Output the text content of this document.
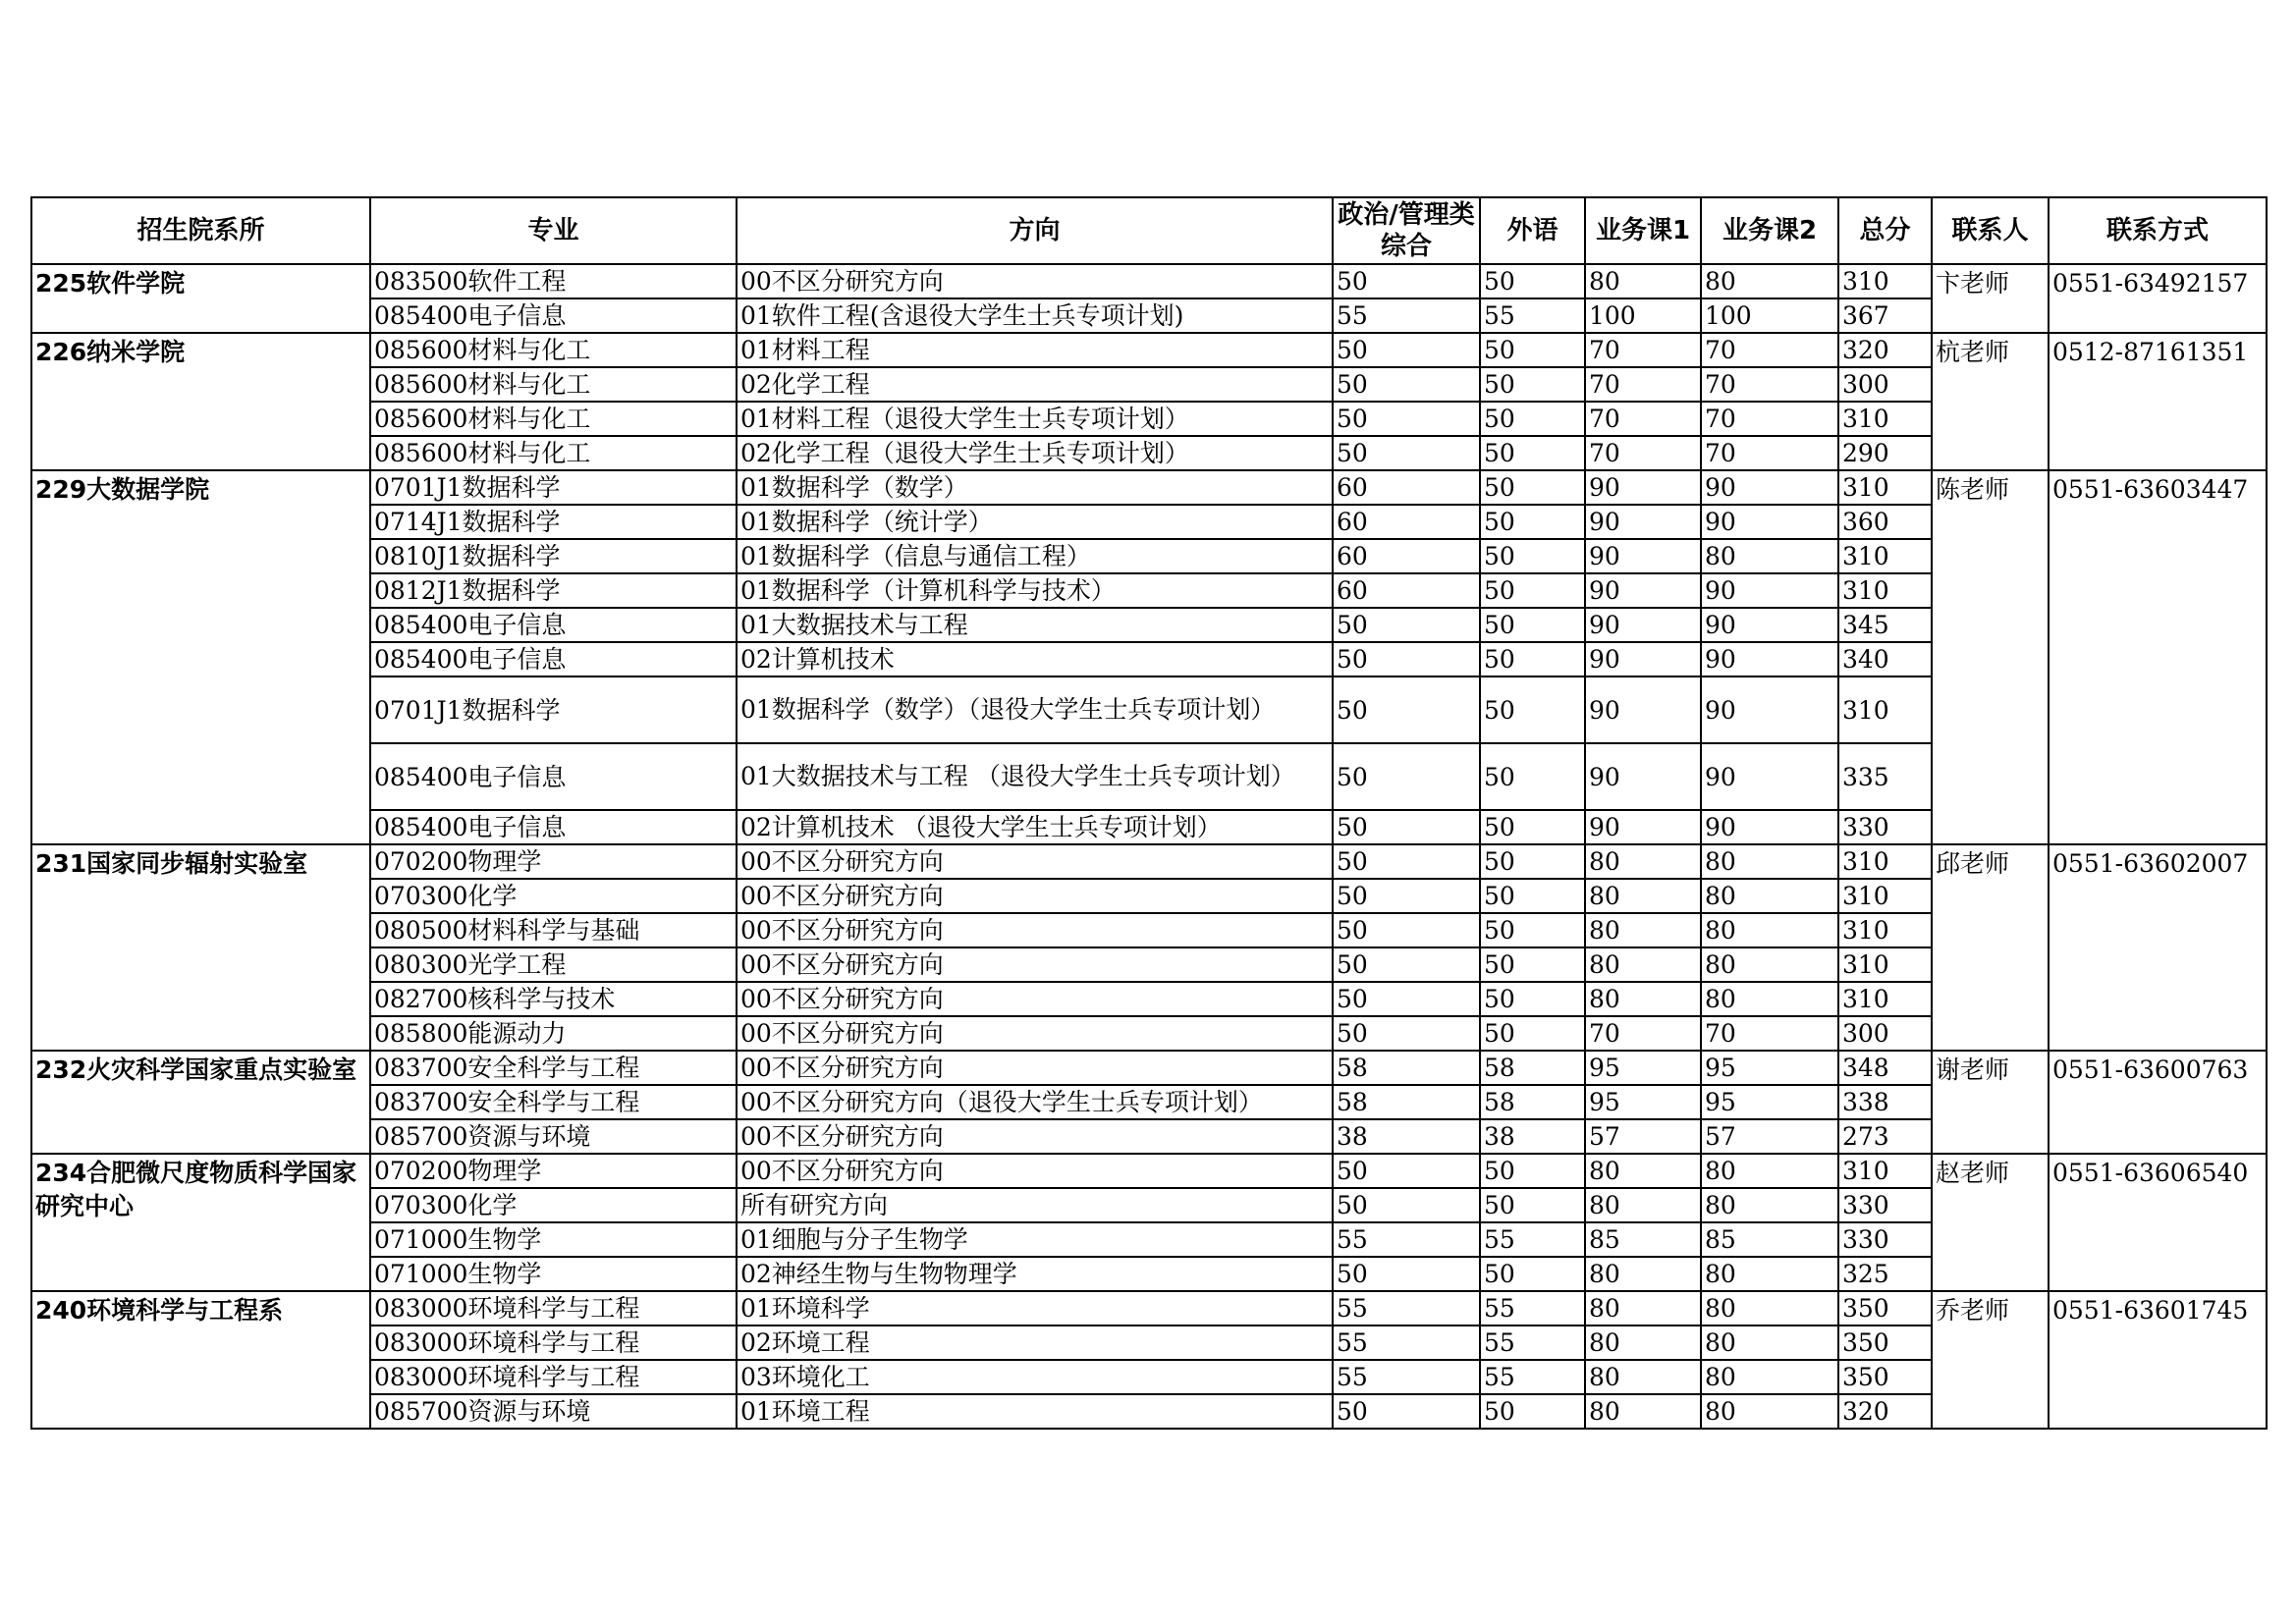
招生院系所	专业	方向	政治/管理类综合	外语	业务课1	业务课2	总分	联系人	联系方式
225软件学院	083500软件工程	00不区分研究方向	50	50	80	80	310	卞老师	0551-63492157
	085400电子信息	01软件工程(含退役大学生士兵专项计划)	55	55	100	100	367		
226纳米学院	085600材料与化工	01材料工程	50	50	70	70	320	杭老师	0512-87161351
	085600材料与化工	02化学工程	50	50	70	70	300		
	085600材料与化工	01材料工程（退役大学生士兵专项计划）	50	50	70	70	310		
	085600材料与化工	02化学工程（退役大学生士兵专项计划）	50	50	70	70	290		
229大数据学院	0701J1数据科学	01数据科学（数学）	60	50	90	90	310	陈老师	0551-63603447
	0714J1数据科学	01数据科学（统计学）	60	50	90	90	360		
	0810J1数据科学	01数据科学（信息与通信工程）	60	50	90	80	310		
	0812J1数据科学	01数据科学（计算机科学与技术）	60	50	90	90	310		
	085400电子信息	01大数据技术与工程	50	50	90	90	345		
	085400电子信息	02计算机技术	50	50	90	90	340		
	0701J1数据科学	01数据科学（数学）（退役大学生士兵专项计划）	50	50	90	90	310		
	085400电子信息	01大数据技术与工程 （退役大学生士兵专项计划）	50	50	90	90	335		
	085400电子信息	02计算机技术 （退役大学生士兵专项计划）	50	50	90	90	330		
231国家同步辐射实验室	070200物理学	00不区分研究方向	50	50	80	80	310	邱老师	0551-63602007
	070300化学	00不区分研究方向	50	50	80	80	310		
	080500材料科学与基础	00不区分研究方向	50	50	80	80	310		
	080300光学工程	00不区分研究方向	50	50	80	80	310		
	082700核科学与技术	00不区分研究方向	50	50	80	80	310		
	085800能源动力	00不区分研究方向	50	50	70	70	300		
232火灾科学国家重点实验室	083700安全科学与工程	00不区分研究方向	58	58	95	95	348	谢老师	0551-63600763
	083700安全科学与工程	00不区分研究方向（退役大学生士兵专项计划）	58	58	95	95	338		
	085700资源与环境	00不区分研究方向	38	38	57	57	273		
234合肥微尺度物质科学国家研究中心	070200物理学	00不区分研究方向	50	50	80	80	310	赵老师	0551-63606540
	070300化学	所有研究方向	50	50	80	80	330		
	071000生物学	01细胞与分子生物学	55	55	85	85	330		
	071000生物学	02神经生物与生物物理学	50	50	80	80	325		
240环境科学与工程系	083000环境科学与工程	01环境科学	55	55	80	80	350	乔老师	0551-63601745
	083000环境科学与工程	02环境工程	55	55	80	80	350		
	083000环境科学与工程	03环境化工	55	55	80	80	350		
	085700资源与环境	01环境工程	50	50	80	80	320		
